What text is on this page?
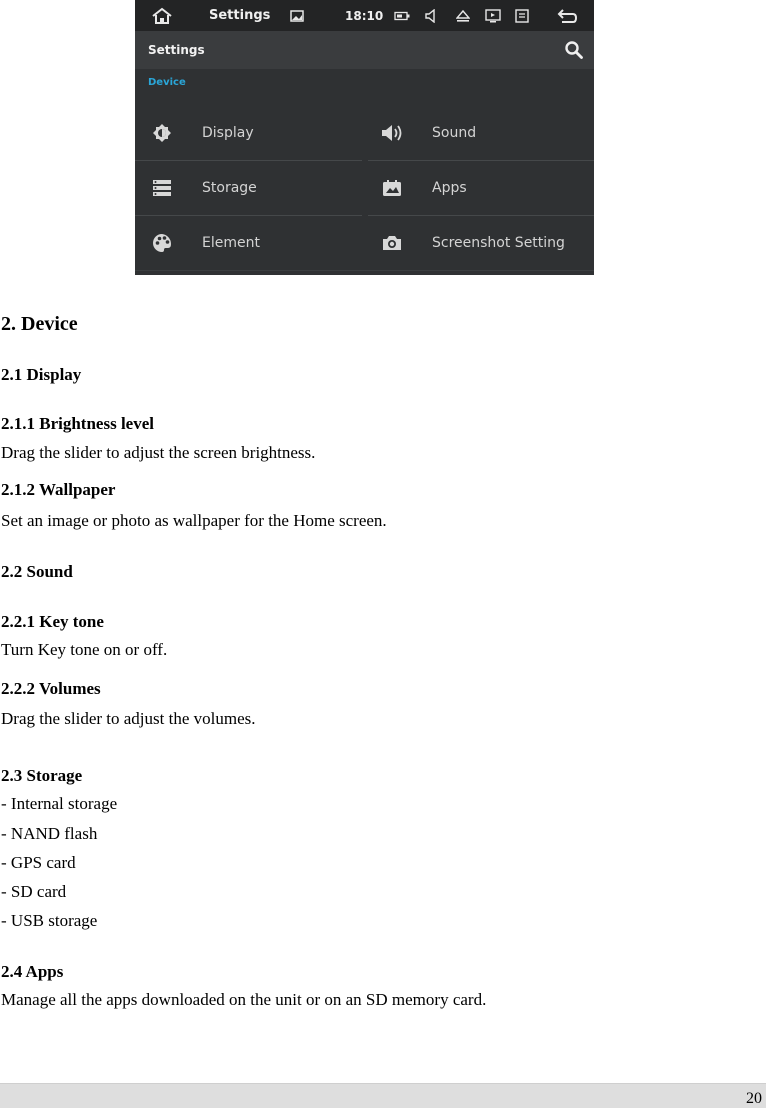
Settings	18:10
Settings
Device
Display	Sound
Storage	Apps
Element	Screenshot Setting
2. Device
2.1 Display
2.1.1 Brightness level
Drag the slider to adjust the screen brightness.
2.1.2 Wallpaper
Set an image or photo as wallpaper for the Home screen.
2.2 Sound
2.2.1 Key tone
Turn Key tone on or off.
2.2.2 Volumes
Drag the slider to adjust the volumes.
2.3 Storage
- Internal storage
- NAND flash
- GPS card
- SD card
- USB storage
2.4 Apps
Manage all the apps downloaded on the unit or on an SD memory card.
20
